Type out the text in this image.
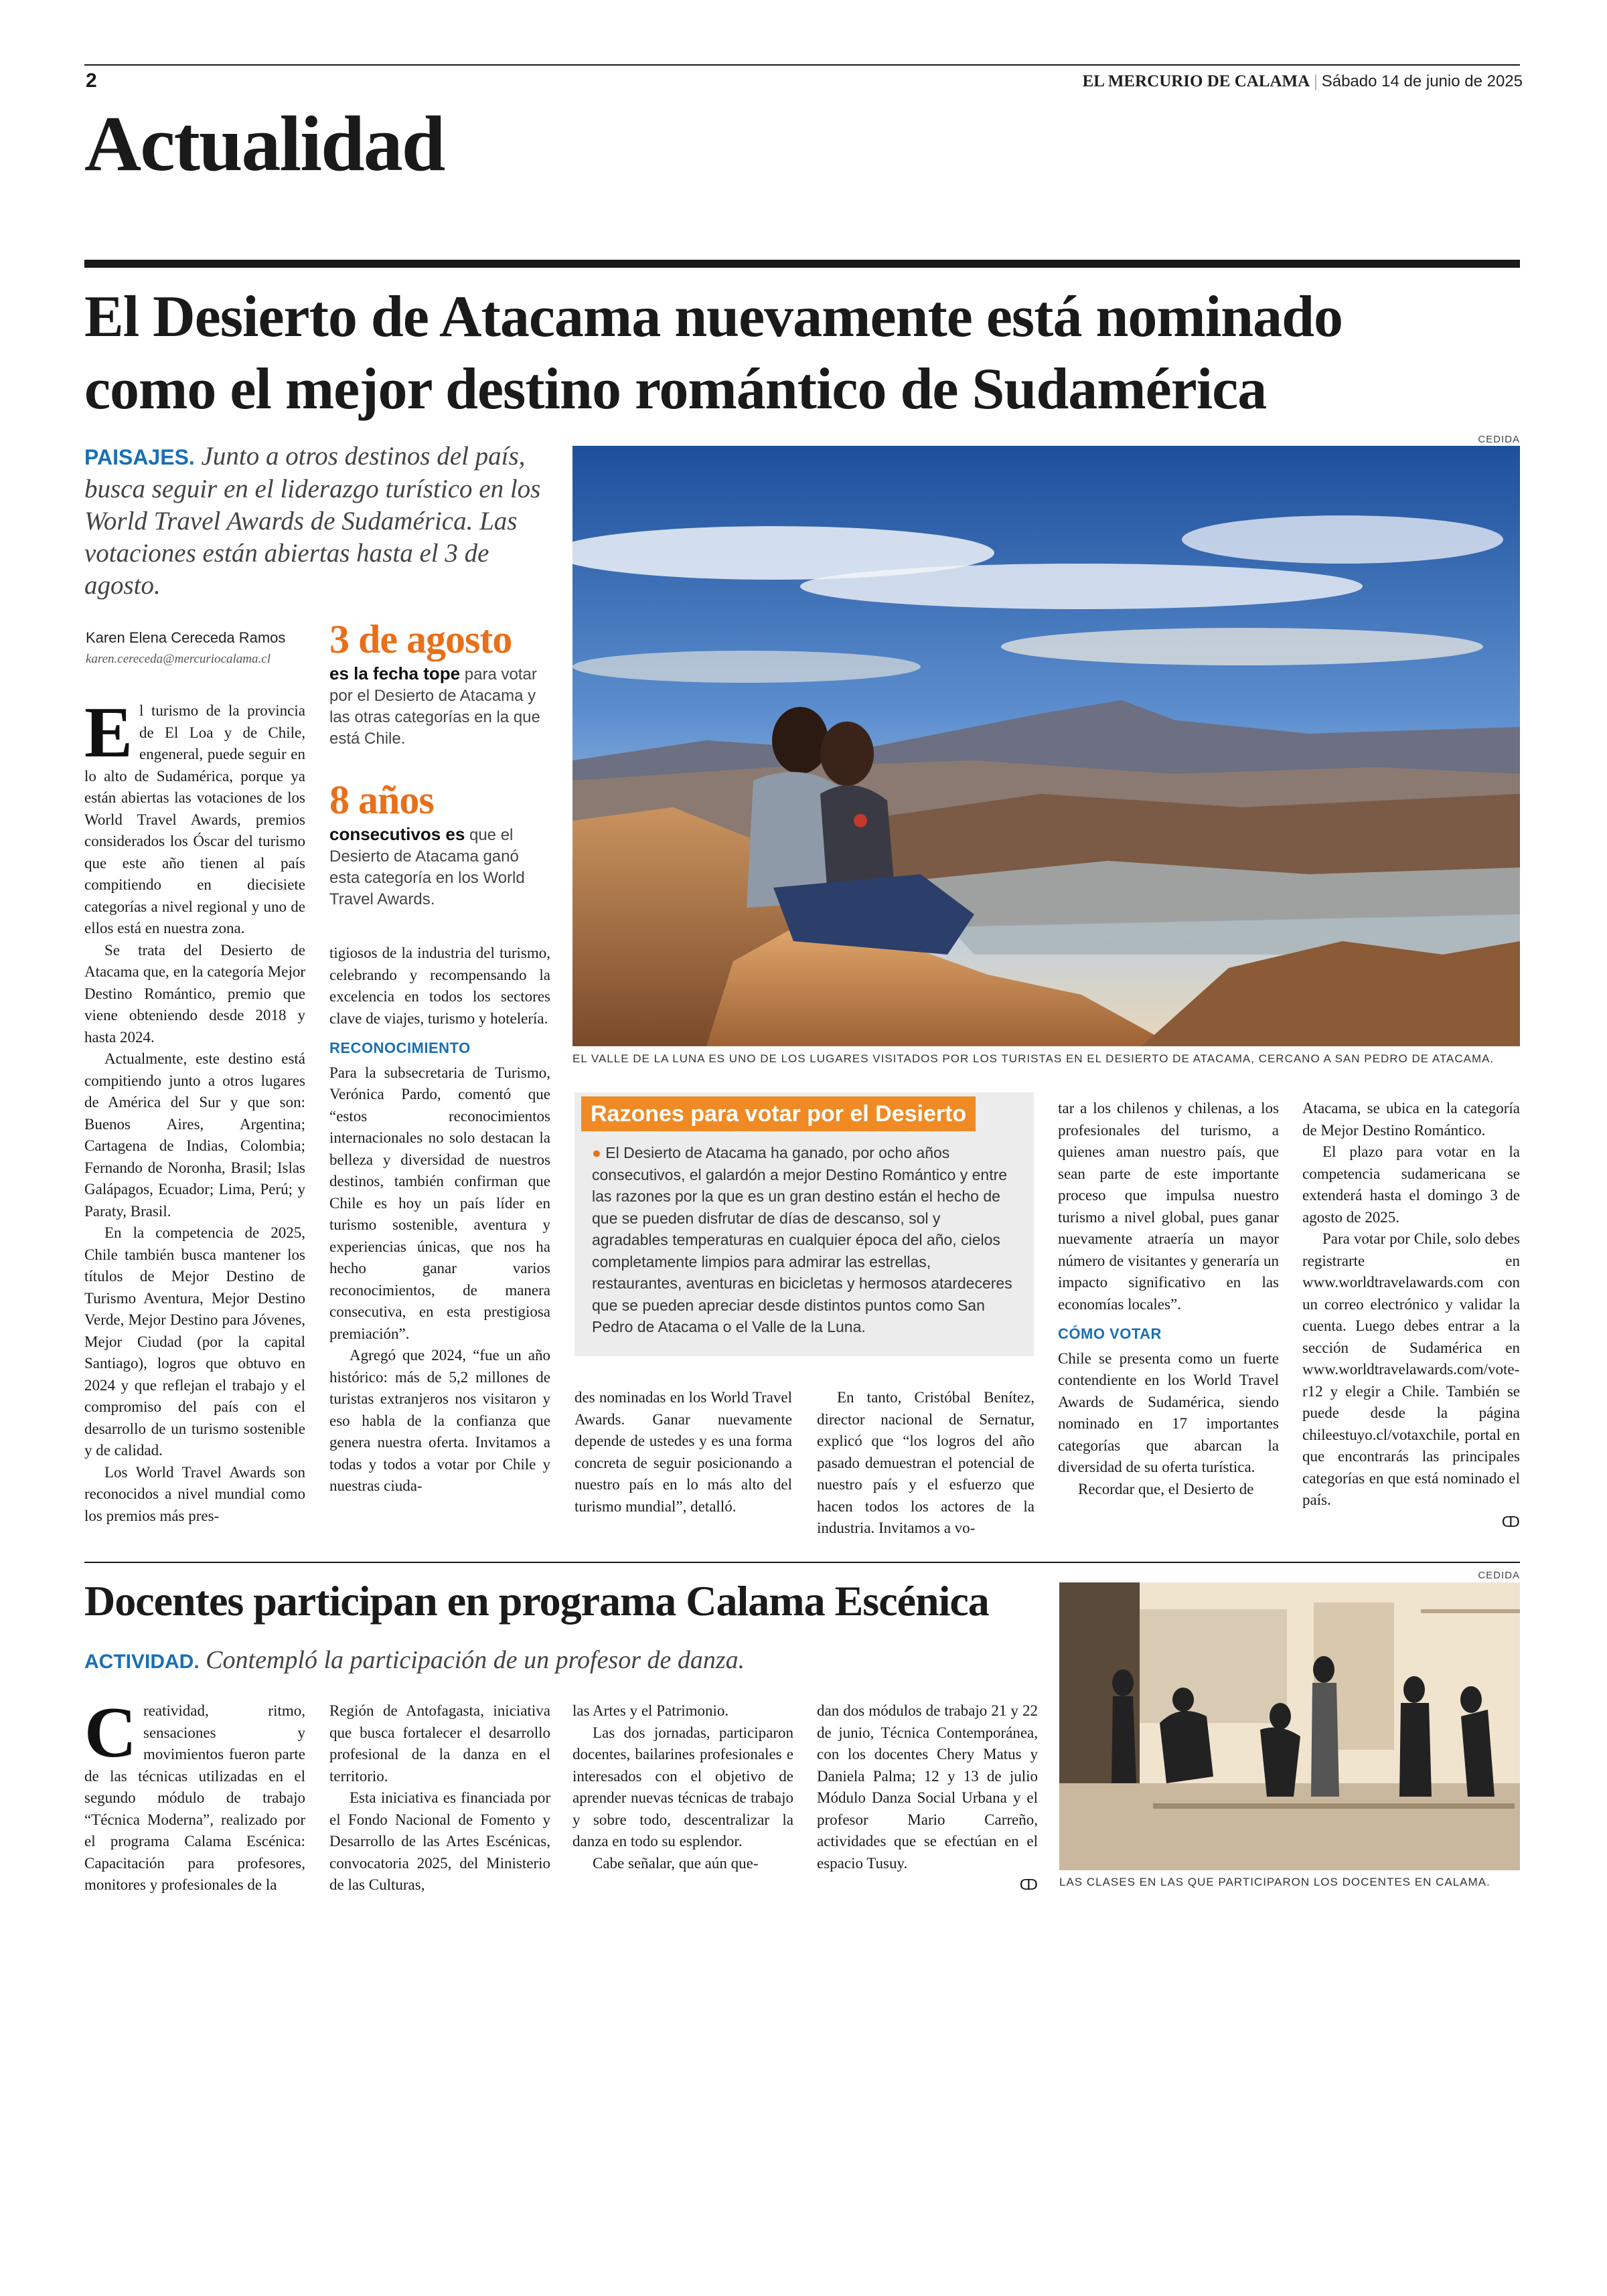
2	EL MERCURIO DE CALAMA | Sábado 14 de junio de 2025
Actualidad
El Desierto de Atacama nuevamente está nominado
como el mejor destino romántico de Sudamérica
PAISAJES. Junto a otros destinos del país, busca seguir en el liderazgo turístico en los World Travel Awards de Sudamérica. Las votaciones están abiertas hasta el 3 de agosto.
Karen Elena Cereceda Ramos
karen.cereceda@mercuriocalama.cl	3 de agosto
es la fecha tope para votar por el Desierto de Atacama y las otras categorías en la que está Chile.
8 años
consecutivos es que el Desierto de Atacama ganó esta categoría en los World Travel Awards.
CEDIDA
EL VALLE DE LA LUNA ES UNO DE LOS LUGARES VISITADOS POR LOS TURISTAS EN EL DESIERTO DE ATACAMA, CERCANO A SAN PEDRO DE ATACAMA.

El turismo de la provincia de El Loa y de Chile, engeneral, puede seguir en lo alto de Sudamérica, porque ya están abiertas las votaciones de los World Travel Awards, premios considerados los Óscar del turismo que este año tienen al país compitiendo en diecisiete categorías a nivel regional y uno de ellos está en nuestra zona.

Se trata del Desierto de Atacama que, en la categoría Mejor Destino Romántico, premio que viene obteniendo desde 2018 y hasta 2024.

Actualmente, este destino está compitiendo junto a otros lugares de América del Sur y que son: Buenos Aires, Argentina; Cartagena de Indias, Colombia; Fernando de Noronha, Brasil; Islas Galápagos, Ecuador; Lima, Perú; y Paraty, Brasil.

En la competencia de 2025, Chile también busca mantener los títulos de Mejor Destino de Turismo Aventura, Mejor Destino Verde, Mejor Destino para Jóvenes, Mejor Ciudad (por la capital Santiago), logros que obtuvo en 2024 y que reflejan el trabajo y el compromiso del país con el desarrollo de un turismo sostenible y de calidad.

Los World Travel Awards son reconocidos a nivel mundial como los premios más pres-

tigiosos de la industria del turismo, celebrando y recompensando la excelencia en todos los sectores clave de viajes, turismo y hotelería.

RECONOCIMIENTO

Para la subsecretaria de Turismo, Verónica Pardo, comentó que “estos reconocimientos internacionales no solo destacan la belleza y diversidad de nuestros destinos, también confirman que Chile es hoy un país líder en turismo sostenible, aventura y experiencias únicas, que nos ha hecho ganar varios reconocimientos, de manera consecutiva, en esta prestigiosa premiación”.

Agregó que 2024, “fue un año histórico: más de 5,2 millones de turistas extranjeros nos visitaron y eso habla de la confianza que genera nuestra oferta. Invitamos a todas y todos a votar por Chile y nuestras ciuda-

Razones para votar por el Desierto
● El Desierto de Atacama ha ganado, por ocho años consecutivos, el galardón a mejor Destino Romántico y entre las razones por la que es un gran destino están el hecho de que se pueden disfrutar de días de descanso, sol y agradables temperaturas en cualquier época del año, cielos completamente limpios para admirar las estrellas, restaurantes, aventuras en bicicletas y hermosos atardeceres que se pueden apreciar desde distintos puntos como San Pedro de Atacama o el Valle de la Luna.

des nominadas en los World Travel Awards. Ganar nuevamente depende de ustedes y es una forma concreta de seguir posicionando a nuestro país en lo más alto del turismo mundial”, detalló.

En tanto, Cristóbal Benítez, director nacional de Sernatur, explicó que “los logros del año pasado demuestran el potencial de nuestro país y el esfuerzo que hacen todos los actores de la industria. Invitamos a vo-

tar a los chilenos y chilenas, a los profesionales del turismo, a quienes aman nuestro país, que sean parte de este importante proceso que impulsa nuestro turismo a nivel global, pues ganar nuevamente atraería un mayor número de visitantes y generaría un impacto significativo en las economías locales”.

CÓMO VOTAR

Chile se presenta como un fuerte contendiente en los World Travel Awards de Sudamérica, siendo nominado en 17 importantes categorías que abarcan la diversidad de su oferta turística.

Recordar que, el Desierto de

Atacama, se ubica en la categoría de Mejor Destino Romántico.

El plazo para votar en la competencia sudamericana se extenderá hasta el domingo 3 de agosto de 2025.

Para votar por Chile, solo debes registrarte en www.worldtravelawards.com con un correo electrónico y validar la cuenta. Luego debes entrar a la sección de Sudamérica en www.worldtravelawards.com/vote-r12 y elegir a Chile. También se puede desde la página chileestuyo.cl/votaxchile, portal en que encontrarás las principales categorías en que está nominado el país.

ↀ
Docentes participan en programa Calama Escénica
ACTIVIDAD. Contempló la participación de un profesor de danza.

Creatividad, ritmo, sensaciones y movimientos fueron parte de las técnicas utilizadas en el segundo módulo de trabajo “Técnica Moderna”, realizado por el programa Calama Escénica: Capacitación para profesores, monitores y profesionales de la

Región de Antofagasta, iniciativa que busca fortalecer el desarrollo profesional de la danza en el territorio.

Esta iniciativa es financiada por el Fondo Nacional de Fomento y Desarrollo de las Artes Escénicas, convocatoria 2025, del Ministerio de las Culturas,

las Artes y el Patrimonio.

Las dos jornadas, participaron docentes, bailarines profesionales e interesados con el objetivo de aprender nuevas técnicas de trabajo y sobre todo, descentralizar la danza en todo su esplendor.

Cabe señalar, que aún que-

dan dos módulos de trabajo 21 y 22 de junio, Técnica Contemporánea, con los docentes Chery Matus y Daniela Palma; 12 y 13 de julio Módulo Danza Social Urbana y el profesor Mario Carreño, actividades que se efectúan en el espacio Tusuy.

ↀ
CEDIDA
LAS CLASES EN LAS QUE PARTICIPARON LOS DOCENTES EN CALAMA.
